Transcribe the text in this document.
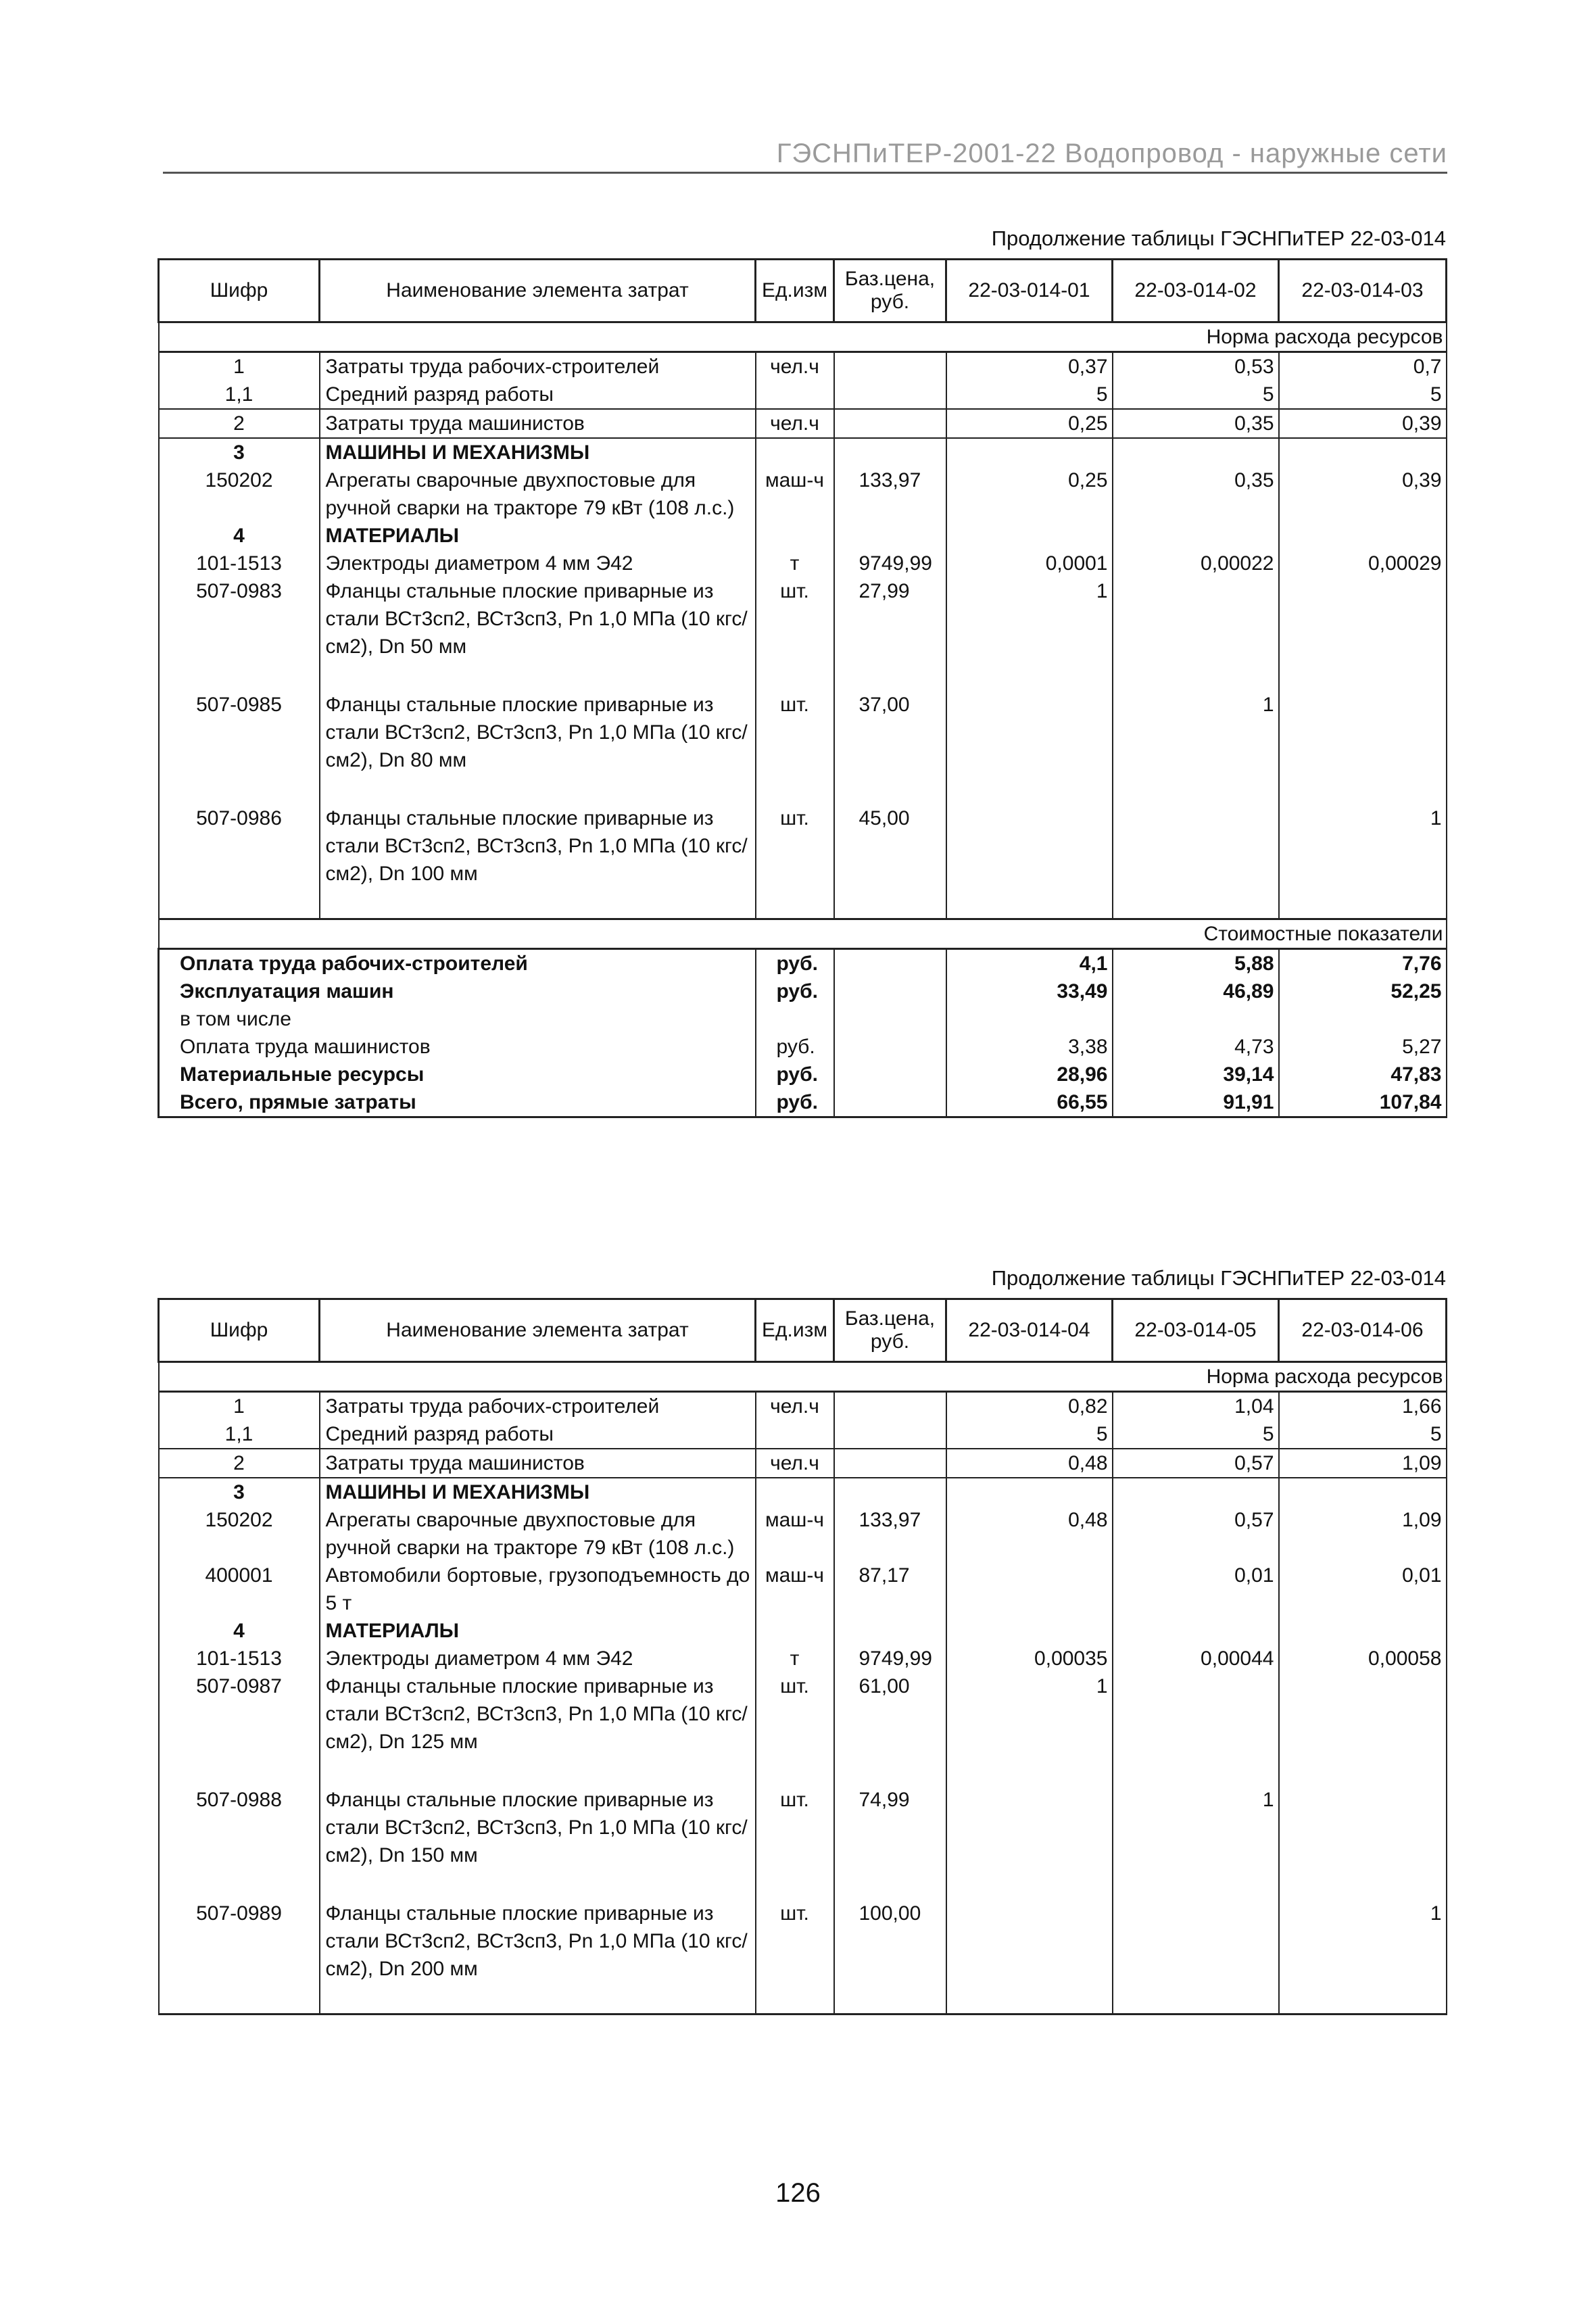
ГЭСНПиТЕР-2001-22 Водопровод - наружные сети
Продолжение таблицы ГЭСНПиТЕР 22-03-014
Шифр	Наименование элемента затрат	Ед.изм	Баз.цена, руб.	22-03-014-01	22-03-014-02	22-03-014-03
Норма расхода ресурсов						
1	Затраты труда рабочих-строителей	чел.ч		0,37	0,53	0,7
1,1	Средний разряд работы			5	5	5
2	Затраты труда машинистов	чел.ч		0,25	0,35	0,39
3	МАШИНЫ И МЕХАНИЗМЫ					
150202	Агрегаты сварочные двухпостовые для ручной сварки на тракторе 79 кВт (108 л.с.)	маш-ч	133,97	0,25	0,35	0,39
4	МАТЕРИАЛЫ					
101-1513	Электроды диаметром 4 мм Э42	т	9749,99	0,0001	0,00022	0,00029
507-0983	Фланцы стальные плоские приварные из стали ВСт3сп2, ВСт3сп3, Рn 1,0 МПа (10 кгс/см2), Dn 50 мм	шт.	27,99	1		

507-0985	Фланцы стальные плоские приварные из стали ВСт3сп2, ВСт3сп3, Рn 1,0 МПа (10 кгс/см2), Dn 80 мм	шт.	37,00		1	

507-0986	Фланцы стальные плоские приварные из стали ВСт3сп2, ВСт3сп3, Рn 1,0 МПа (10 кгс/см2), Dn 100 мм	шт.	45,00			1

Стоимостные показатели						
Оплата труда рабочих-строителей		руб.		4,1	5,88	7,76
Эксплуатация машин		руб.		33,49	46,89	52,25
в том числе						
Оплата труда машинистов		руб.		3,38	4,73	5,27
Материальные ресурсы		руб.		28,96	39,14	47,83
Всего, прямые затраты		руб.		66,55	91,91	107,84
Продолжение таблицы ГЭСНПиТЕР 22-03-014
Шифр	Наименование элемента затрат	Ед.изм	Баз.цена, руб.	22-03-014-04	22-03-014-05	22-03-014-06
Норма расхода ресурсов						
1	Затраты труда рабочих-строителей	чел.ч		0,82	1,04	1,66
1,1	Средний разряд работы			5	5	5
2	Затраты труда машинистов	чел.ч		0,48	0,57	1,09
3	МАШИНЫ И МЕХАНИЗМЫ					
150202	Агрегаты сварочные двухпостовые для ручной сварки на тракторе 79 кВт (108 л.с.)	маш-ч	133,97	0,48	0,57	1,09
400001	Автомобили бортовые, грузоподъемность до 5 т	маш-ч	87,17		0,01	0,01
4	МАТЕРИАЛЫ					
101-1513	Электроды диаметром 4 мм Э42	т	9749,99	0,00035	0,00044	0,00058
507-0987	Фланцы стальные плоские приварные из стали ВСт3сп2, ВСт3сп3, Рn 1,0 МПа (10 кгс/см2), Dn 125 мм	шт.	61,00	1		

507-0988	Фланцы стальные плоские приварные из стали ВСт3сп2, ВСт3сп3, Рn 1,0 МПа (10 кгс/см2), Dn 150 мм	шт.	74,99		1	

507-0989	Фланцы стальные плоские приварные из стали ВСт3сп2, ВСт3сп3, Рn 1,0 МПа (10 кгс/см2), Dn 200 мм	шт.	100,00			1

126
